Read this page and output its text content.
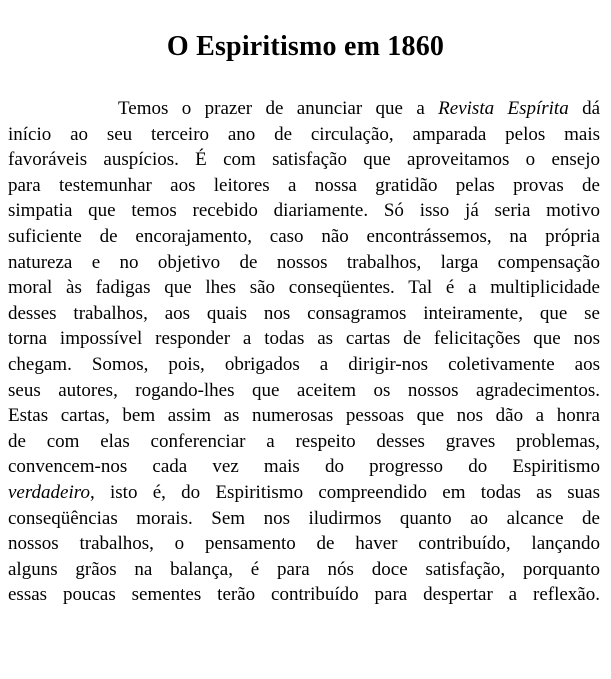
O Espiritismo em 1860
Temos o prazer de anunciar que a Revista Espírita dá
início ao seu terceiro ano de circulação, amparada pelos mais
favoráveis auspícios. É com satisfação que aproveitamos o ensejo
para testemunhar aos leitores a nossa gratidão pelas provas de
simpatia que temos recebido diariamente. Só isso já seria motivo
suficiente de encorajamento, caso não encontrássemos, na própria
natureza e no objetivo de nossos trabalhos, larga compensação
moral às fadigas que lhes são conseqüentes. Tal é a multiplicidade
desses trabalhos, aos quais nos consagramos inteiramente, que se
torna impossível responder a todas as cartas de felicitações que nos
chegam. Somos, pois, obrigados a dirigir-nos coletivamente aos
seus autores, rogando-lhes que aceitem os nossos agradecimentos.
Estas cartas, bem assim as numerosas pessoas que nos dão a honra
de com elas conferenciar a respeito desses graves problemas,
convencem-nos cada vez mais do progresso do Espiritismo
verdadeiro, isto é, do Espiritismo compreendido em todas as suas
conseqüências morais. Sem nos iludirmos quanto ao alcance de
nossos trabalhos, o pensamento de haver contribuído, lançando
alguns grãos na balança, é para nós doce satisfação, porquanto
essas poucas sementes terão contribuído para despertar a reflexão.
